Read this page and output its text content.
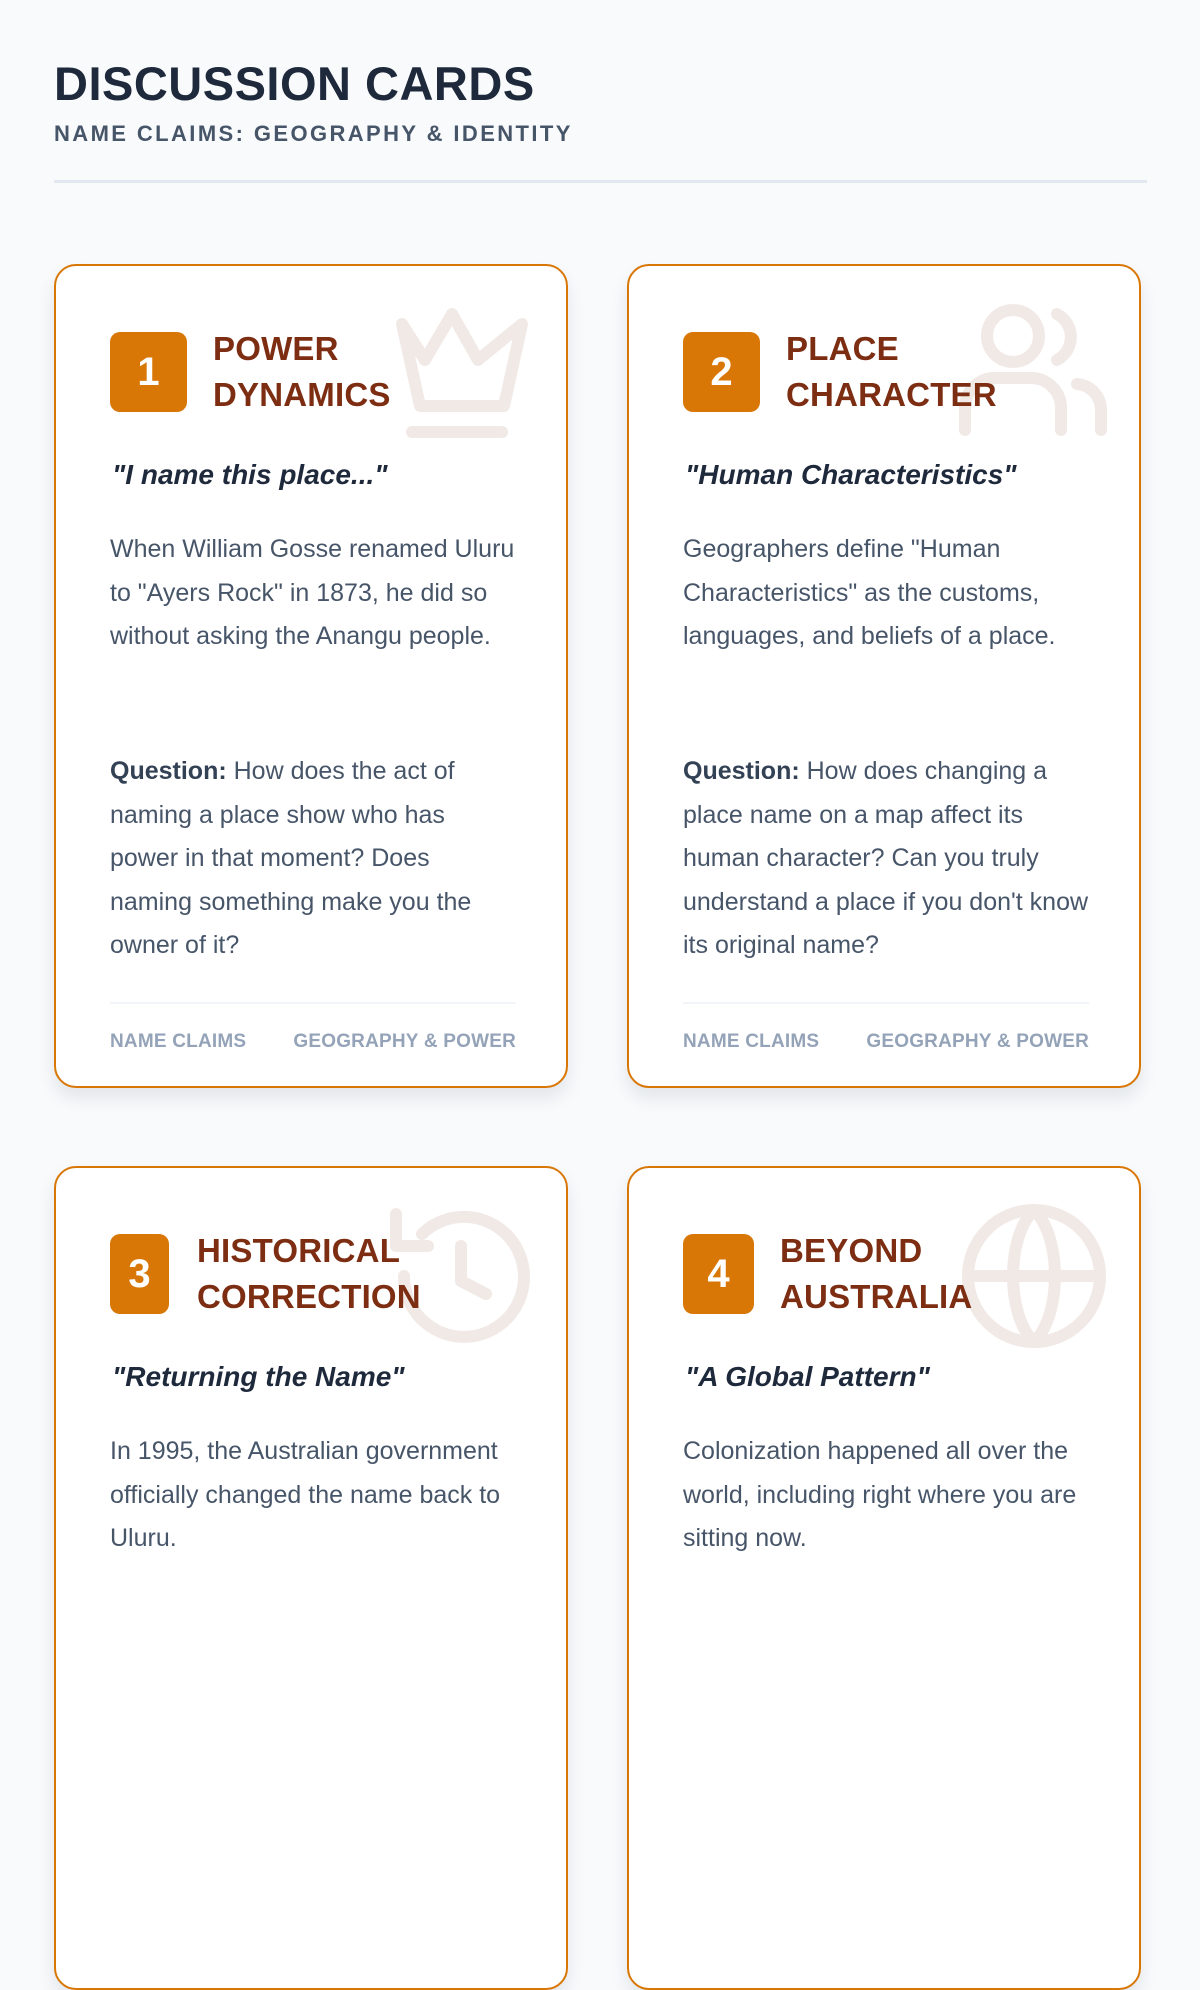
DISCUSSION CARDS

NAME CLAIMS: GEOGRAPHY & IDENTITY

1
POWER DYNAMICS

"I name this place..."

When William Gosse renamed Uluru to "Ayers Rock" in 1873, he did so without asking the Anangu people.

Question: How does the act of naming a place show who has power in that moment? Does naming something make you the owner of it?

NAME CLAIMS GEOGRAPHY & POWER
2
PLACE CHARACTER

"Human Characteristics"

Geographers define "Human Characteristics" as the customs, languages, and beliefs of a place.

Question: How does changing a place name on a map affect its human character? Can you truly understand a place if you don't know its original name?

NAME CLAIMS GEOGRAPHY & POWER
3
HISTORICAL CORRECTION

"Returning the Name"

In 1995, the Australian government officially changed the name back to Uluru.

4
BEYOND AUSTRALIA

"A Global Pattern"

Colonization happened all over the world, including right where you are sitting now.
